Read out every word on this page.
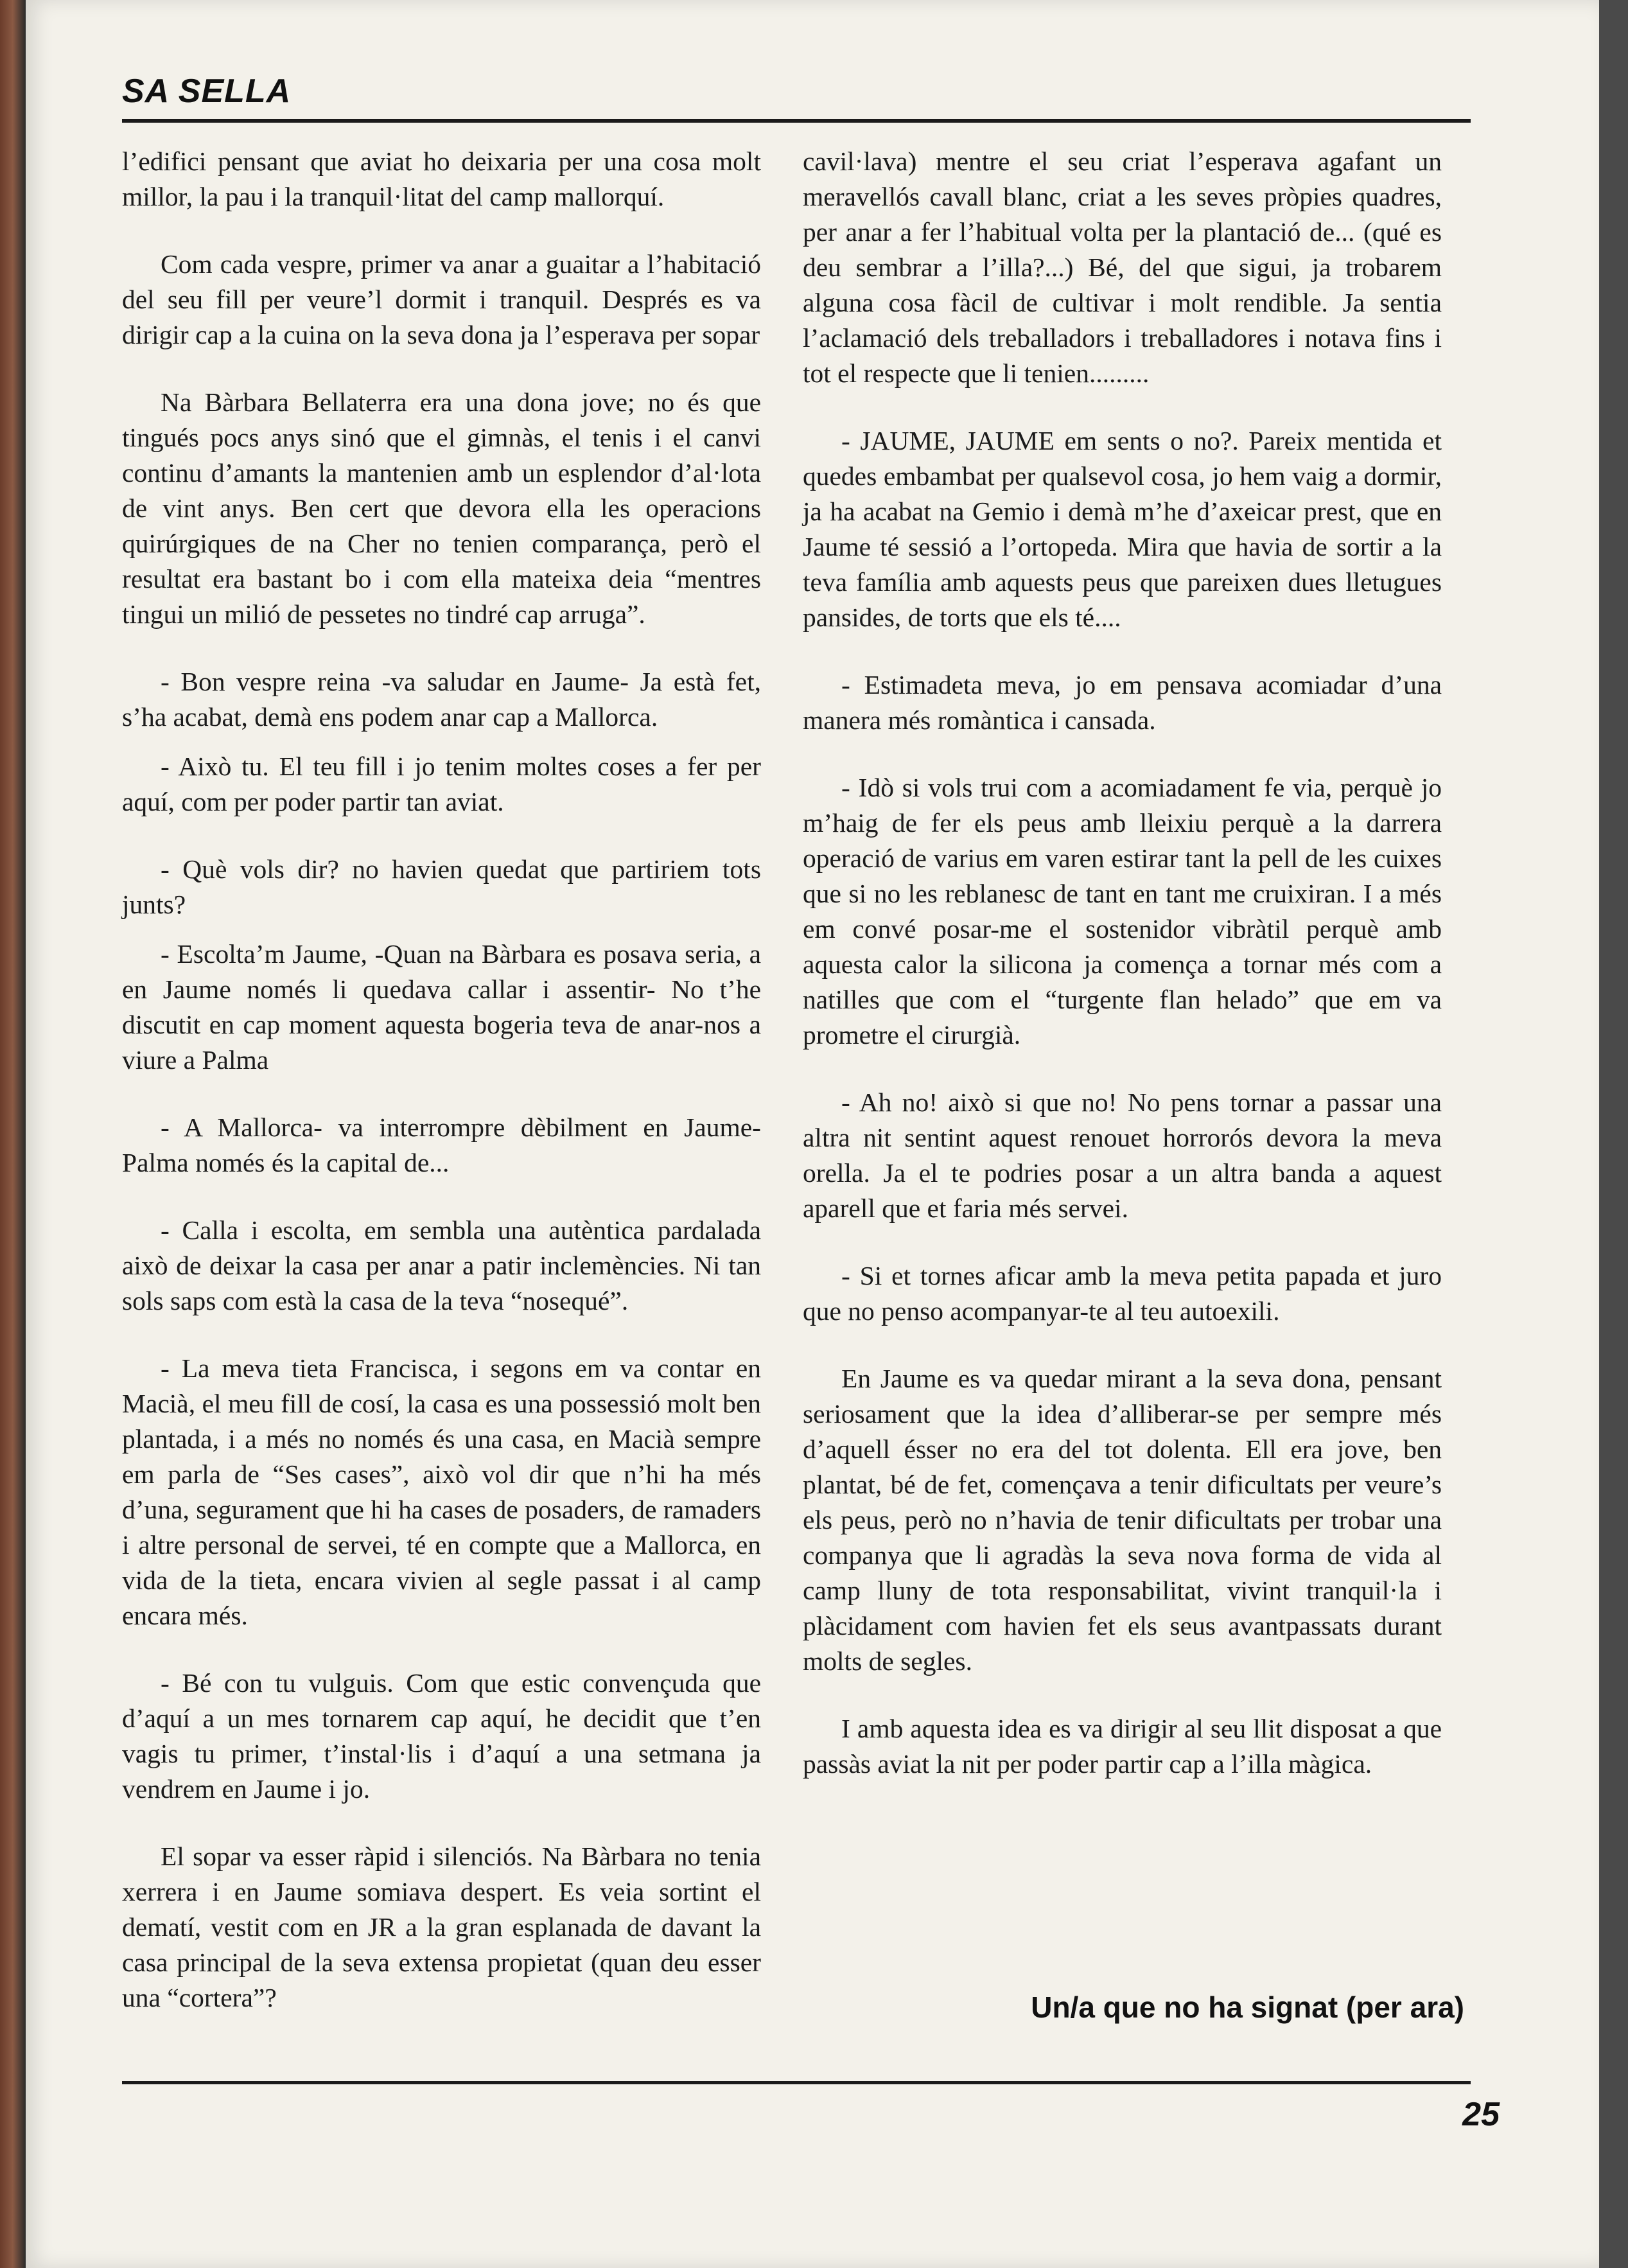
SA SELLA

l’edifici pensant que aviat ho deixaria per una cosa molt millor, la pau i la tranquil·litat del camp mallorquí.

Com cada vespre, primer va anar a guaitar a l’habitació del seu fill per veure’l dormit i tranquil. Després es va dirigir cap a la cuina on la seva dona ja l’esperava per sopar

Na Bàrbara Bellaterra era una dona jove; no és que tingués pocs anys sinó que el gimnàs, el tenis i el canvi continu d’amants la mantenien amb un esplendor d’al·lota de vint anys. Ben cert que devora ella les operacions quirúrgiques de na Cher no tenien comparança, però el resultat era bastant bo i com ella mateixa deia “mentres tingui un milió de pessetes no tindré cap arruga”.

- Bon vespre reina -va saludar en Jaume- Ja està fet, s’ha acabat, demà ens podem anar cap a Mallorca.

- Això tu. El teu fill i jo tenim moltes coses a fer per aquí, com per poder partir tan aviat.

- Què vols dir? no havien quedat que partiriem tots junts?

- Escolta’m Jaume, -Quan na Bàrbara es posava seria, a en Jaume només li quedava callar i assentir- No t’he discutit en cap moment aquesta bogeria teva de anar-nos a viure a Palma

- A Mallorca- va interrompre dèbilment en Jaume- Palma només és la capital de...

- Calla i escolta, em sembla una autèntica pardalada això de deixar la casa per anar a patir inclemències. Ni tan sols saps com està la casa de la teva “nosequé”.

- La meva tieta Francisca, i segons em va contar en Macià, el meu fill de cosí, la casa es una possessió molt ben plantada, i a més no només és una casa, en Macià sempre em parla de “Ses cases”, això vol dir que n’hi ha més d’una, segurament que hi ha cases de posaders, de ramaders i altre personal de servei, té en compte que a Mallorca, en vida de la tieta, encara vivien al segle passat i al camp encara més.

- Bé con tu vulguis. Com que estic convençuda que d’aquí a un mes tornarem cap aquí, he decidit que t’en vagis tu primer, t’instal·lis i d’aquí a una setmana ja vendrem en Jaume i jo.

El sopar va esser ràpid i silenciós. Na Bàrbara no tenia xerrera i en Jaume somiava despert. Es veia sortint el dematí, vestit com en JR a la gran esplanada de davant la casa principal de la seva extensa propietat (quan deu esser una “cortera”?

cavil·lava) mentre el seu criat l’esperava agafant un meravellós cavall blanc, criat a les seves pròpies quadres, per anar a fer l’habitual volta per la plantació de... (qué es deu sembrar a l’illa?...) Bé, del que sigui, ja trobarem alguna cosa fàcil de cultivar i molt rendible. Ja sentia l’aclamació dels treballadors i treballadores i notava fins i tot el respecte que li tenien.........

- JAUME, JAUME em sents o no?. Pareix mentida et quedes embambat per qualsevol cosa, jo hem vaig a dormir, ja ha acabat na Gemio i demà m’he d’axeicar prest, que en Jaume té sessió a l’ortopeda. Mira que havia de sortir a la teva família amb aquests peus que pareixen dues lletugues pansides, de torts que els té....

- Estimadeta meva, jo em pensava acomiadar d’una manera més romàntica i cansada.

- Idò si vols trui com a acomiadament fe via, perquè jo m’haig de fer els peus amb lleixiu perquè a la darrera operació de varius em varen estirar tant la pell de les cuixes que si no les reblanesc de tant en tant me cruixiran. I a més em convé posar-me el sostenidor vibràtil perquè amb aquesta calor la silicona ja comença a tornar més com a natilles que com el “turgente flan helado” que em va prometre el cirurgià.

- Ah no! això si que no! No pens tornar a passar una altra nit sentint aquest renouet horrorós devora la meva orella. Ja el te podries posar a un altra banda a aquest aparell que et faria més servei.

- Si et tornes aficar amb la meva petita papada et juro que no penso acompanyar-te al teu autoexili.

En Jaume es va quedar mirant a la seva dona, pensant seriosament que la idea d’alliberar-se per sempre més d’aquell ésser no era del tot dolenta. Ell era jove, ben plantat, bé de fet, començava a tenir dificultats per veure’s els peus, però no n’havia de tenir dificultats per trobar una companya que li agradàs la seva nova forma de vida al camp lluny de tota responsabilitat, vivint tranquil·la i plàcidament com havien fet els seus avantpassats durant molts de segles.

I amb aquesta idea es va dirigir al seu llit disposat a que passàs aviat la nit per poder partir cap a l’illa màgica.

Un/a que no ha signat (per ara)
25
